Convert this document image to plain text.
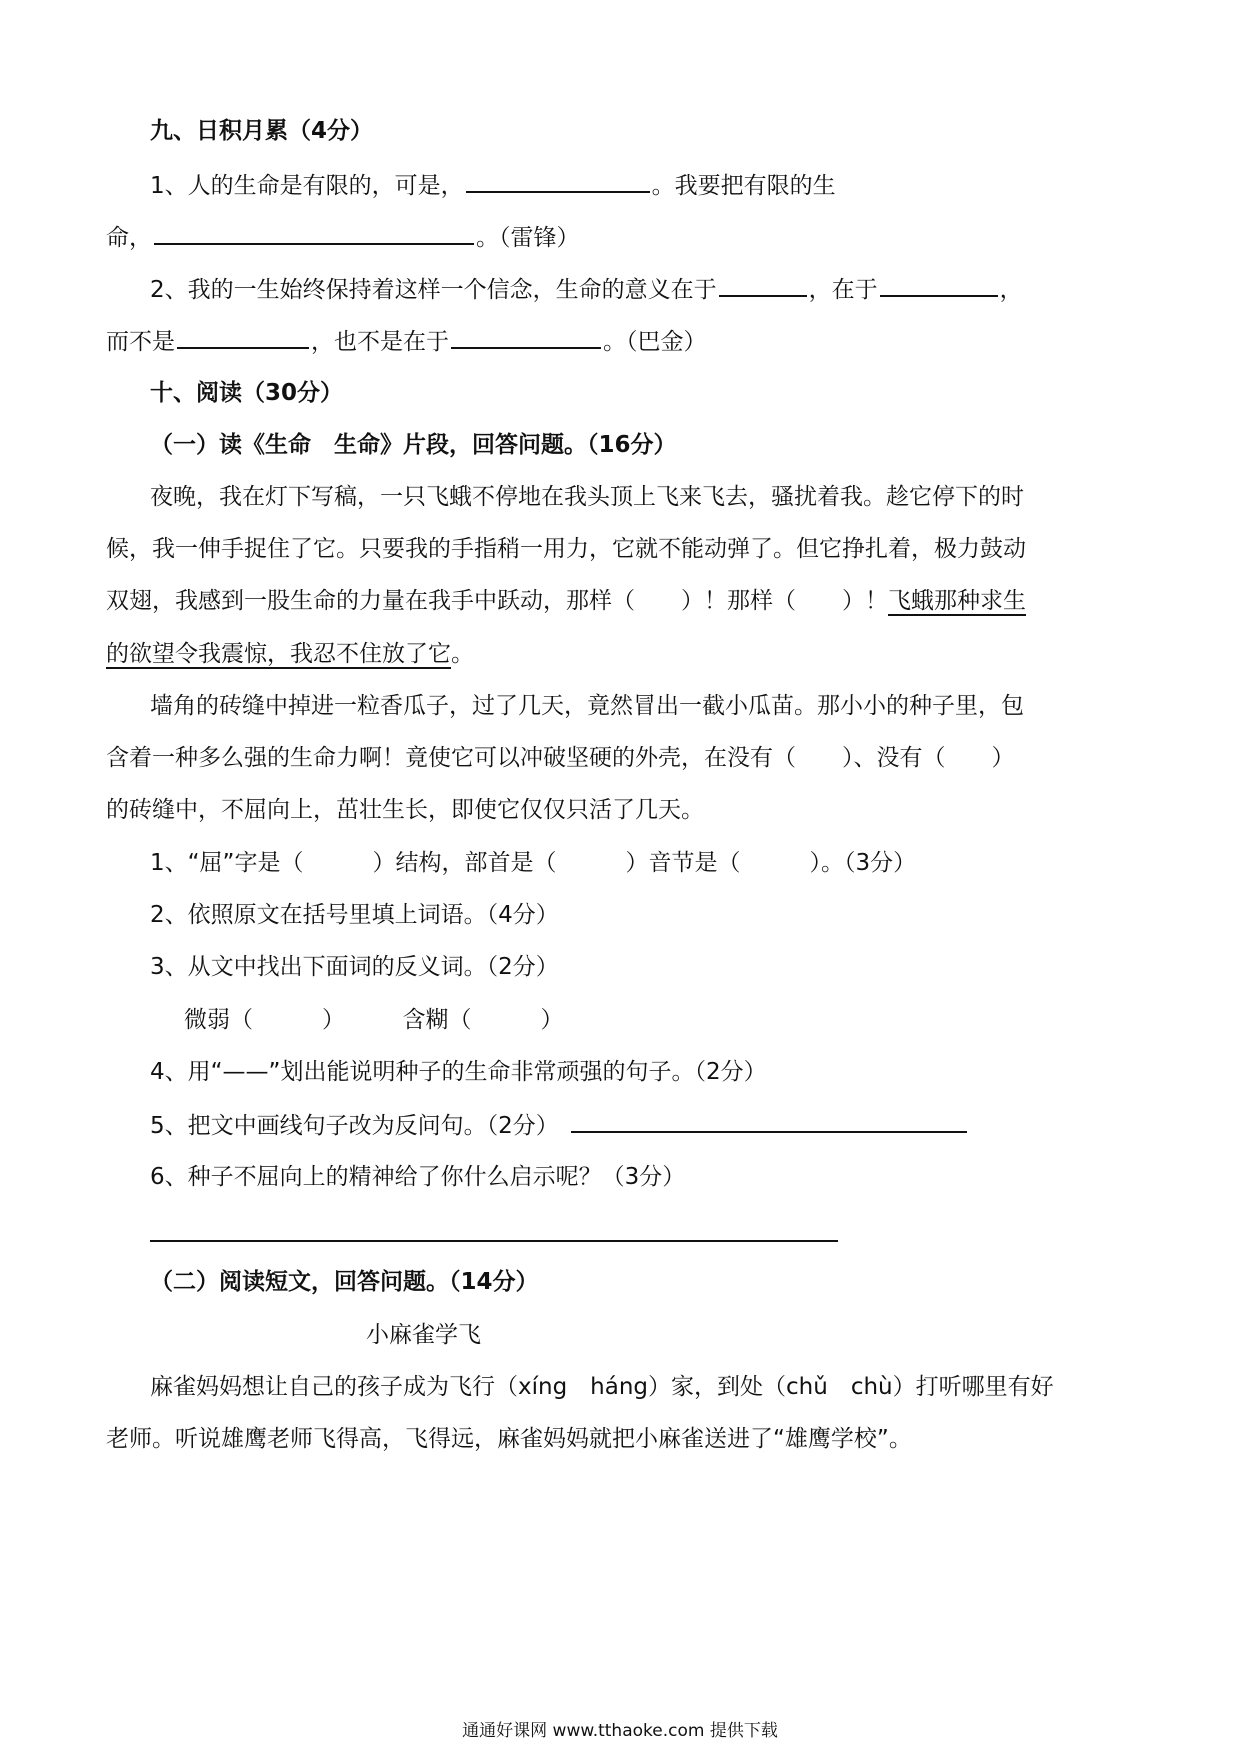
九、日积月累（4分）
1、人的生命是有限的，可是，	。我要把有限的生
命，	。（雷锋）
2、我的一生始终保持着这样一个信念，生命的意义在于	，在于	，
而不是	，也不是在于	。（巴金）
十、阅读（30分）
（一）读《生命　生命》片段，回答问题。（16分）
夜晚，我在灯下写稿，一只飞蛾不停地在我头顶上飞来飞去，骚扰着我。趁它停下的时
候，我一伸手捉住了它。只要我的手指稍一用力，它就不能动弹了。但它挣扎着，极力鼓动
双翅，我感到一股生命的力量在我手中跃动，那样（　　）！那样（　　）！飞蛾那种求生
的欲望令我震惊，我忍不住放了它。
墙角的砖缝中掉进一粒香瓜子，过了几天，竟然冒出一截小瓜苗。那小小的种子里，包
含着一种多么强的生命力啊！竟使它可以冲破坚硬的外壳，在没有（　　）、没有（　　）
的砖缝中，不屈向上，茁壮生长，即使它仅仅只活了几天。
1、“屈”字是（　　　）结构，部首是（　　　）音节是（　　　）。（3分）
2、依照原文在括号里填上词语。（4分）
3、从文中找出下面词的反义词。（2分）
微弱（　　　）　　　含糊（　　　）
4、用“——”划出能说明种子的生命非常顽强的句子。（2分）
5、把文中画线句子改为反问句。（2分）
6、种子不屈向上的精神给了你什么启示呢？（3分）
（二）阅读短文，回答问题。（14分）
小麻雀学飞
麻雀妈妈想让自己的孩子成为飞行（xíng　háng）家，到处（chǔ　chù）打听哪里有好
老师。听说雄鹰老师飞得高，飞得远，麻雀妈妈就把小麻雀送进了“雄鹰学校”。
通通好课网 www.tthaoke.com 提供下载
